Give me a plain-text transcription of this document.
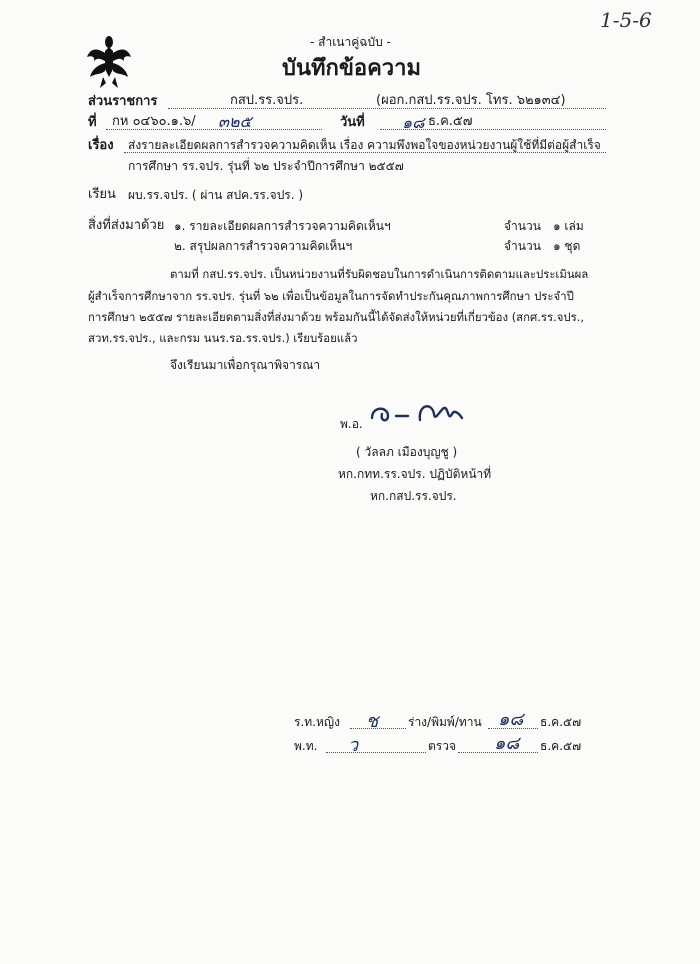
1-5-6
- สำเนาคู่ฉบับ -
บันทึกข้อความ
ส่วนราชการ	กสป.รร.จปร.	(ผอก.กสป.รร.จปร. โทร. ๖๒๑๓๔)
ที่ กห ๐๔๖๐.๑.๖/ ๓๒๕	วันที่ ๑๘ ธ.ค.๕๗
เรื่อง ส่งรายละเอียดผลการสำรวจความคิดเห็น เรื่อง ความพึงพอใจของหน่วยงานผู้ใช้ที่มีต่อผู้สำเร็จ
การศึกษา รร.จปร. รุ่นที่ ๖๒ ประจำปีการศึกษา ๒๕๕๗
เรียน ผบ.รร.จปร. ( ผ่าน สปค.รร.จปร. )
สิ่งที่ส่งมาด้วย ๑. รายละเอียดผลการสำรวจความคิดเห็นฯ	จำนวน ๑ เล่ม
๒. สรุปผลการสำรวจความคิดเห็นฯ	จำนวน ๑ ชุด
ตามที่ กสป.รร.จปร. เป็นหน่วยงานที่รับผิดชอบในการดำเนินการติดตามและประเมินผล
ผู้สำเร็จการศึกษาจาก รร.จปร. รุ่นที่ ๖๒ เพื่อเป็นข้อมูลในการจัดทำประกันคุณภาพการศึกษา ประจำปี
การศึกษา ๒๕๕๗ รายละเอียดตามสิ่งที่ส่งมาด้วย พร้อมกันนี้ได้จัดส่งให้หน่วยที่เกี่ยวข้อง (สกศ.รร.จปร.,
สวท.รร.จปร., และกรม นนร.รอ.รร.จปร.) เรียบร้อยแล้ว
จึงเรียนมาเพื่อกรุณาพิจารณา
พ.อ.
( วัลลภ เมืองบุญชู )
หก.กทท.รร.จปร. ปฏิบัติหน้าที่
หก.กสป.รร.จปร.
ร.ท.หญิง ช ร่าง/พิมพ์/ทาน ๑๘ ธ.ค.๕๗
พ.ท. ว	ตรวจ ๑๘ ธ.ค.๕๗
